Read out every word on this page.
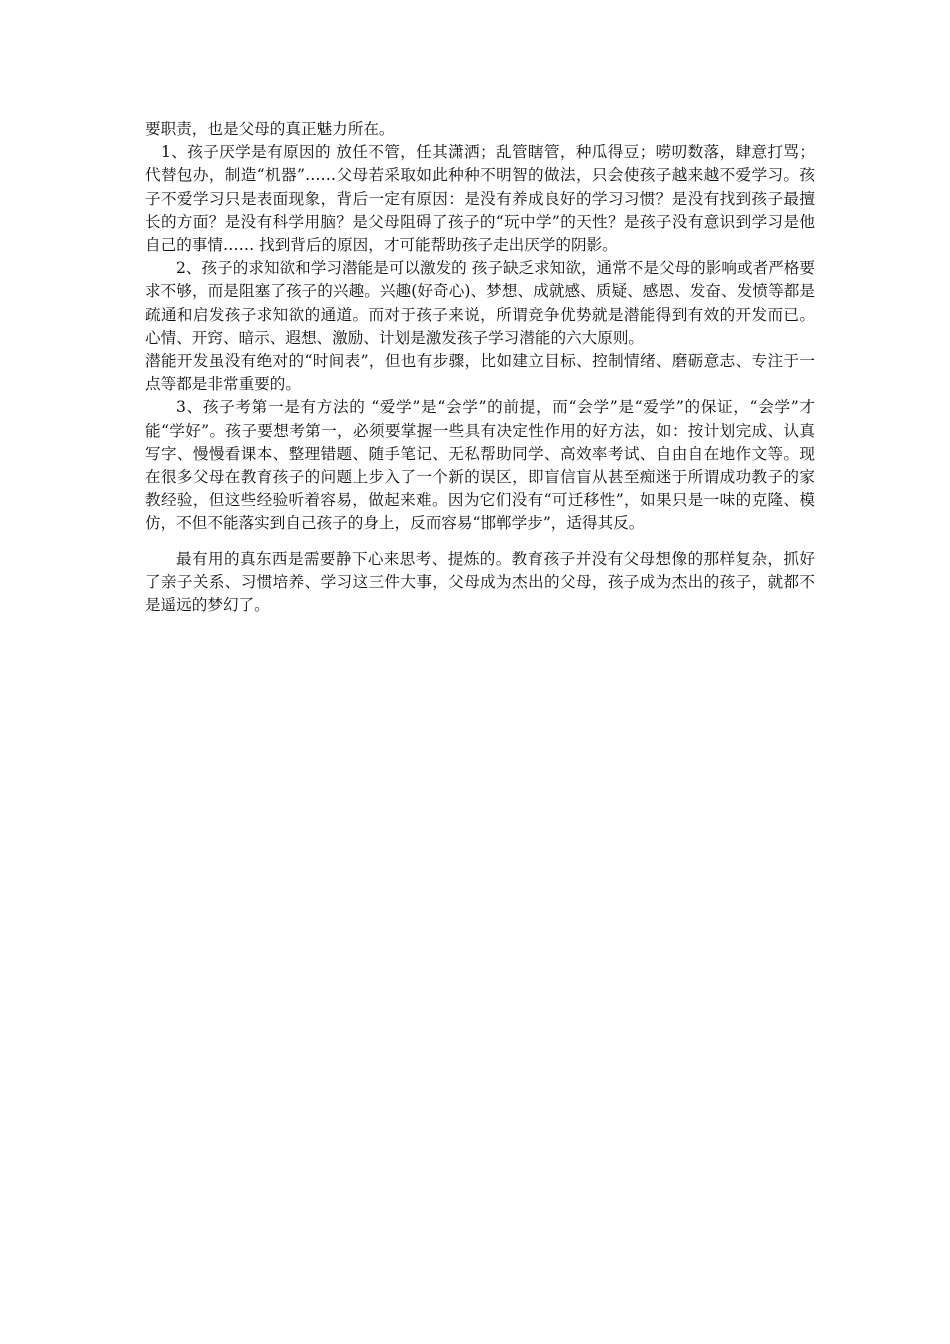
要职责，也是父母的真正魅力所在。

1、孩子厌学是有原因的 放任不管，任其潇洒；乱管瞎管，种瓜得豆；唠叨数落，肆意打骂；代替包办，制造“机器”……父母若采取如此种种不明智的做法，只会使孩子越来越不爱学习。孩子不爱学习只是表面现象，背后一定有原因：是没有养成良好的学习习惯？是没有找到孩子最擅长的方面？是没有科学用脑？是父母阻碍了孩子的“玩中学”的天性？是孩子没有意识到学习是他自己的事情…… 找到背后的原因，才可能帮助孩子走出厌学的阴影。

2、孩子的求知欲和学习潜能是可以激发的 孩子缺乏求知欲，通常不是父母的影响或者严格要求不够，而是阻塞了孩子的兴趣。兴趣(好奇心)、梦想、成就感、质疑、感恩、发奋、发愤等都是疏通和启发孩子求知欲的通道。而对于孩子来说，所谓竞争优势就是潜能得到有效的开发而已。心情、开窍、暗示、遐想、激励、计划是激发孩子学习潜能的六大原则。

潜能开发虽没有绝对的“时间表”，但也有步骤，比如建立目标、控制情绪、磨砺意志、专注于一点等都是非常重要的。

3、孩子考第一是有方法的 “爱学”是“会学”的前提，而“会学”是“爱学”的保证，“会学”才能“学好”。孩子要想考第一，必须要掌握一些具有决定性作用的好方法，如：按计划完成、认真写字、慢慢看课本、整理错题、随手笔记、无私帮助同学、高效率考试、自由自在地作文等。现在很多父母在教育孩子的问题上步入了一个新的误区，即盲信盲从甚至痴迷于所谓成功教子的家教经验，但这些经验听着容易，做起来难。因为它们没有“可迁移性”，如果只是一味的克隆、模仿，不但不能落实到自己孩子的身上，反而容易“邯郸学步”，适得其反。

最有用的真东西是需要静下心来思考、提炼的。教育孩子并没有父母想像的那样复杂，抓好了亲子关系、习惯培养、学习这三件大事，父母成为杰出的父母，孩子成为杰出的孩子，就都不是遥远的梦幻了。
